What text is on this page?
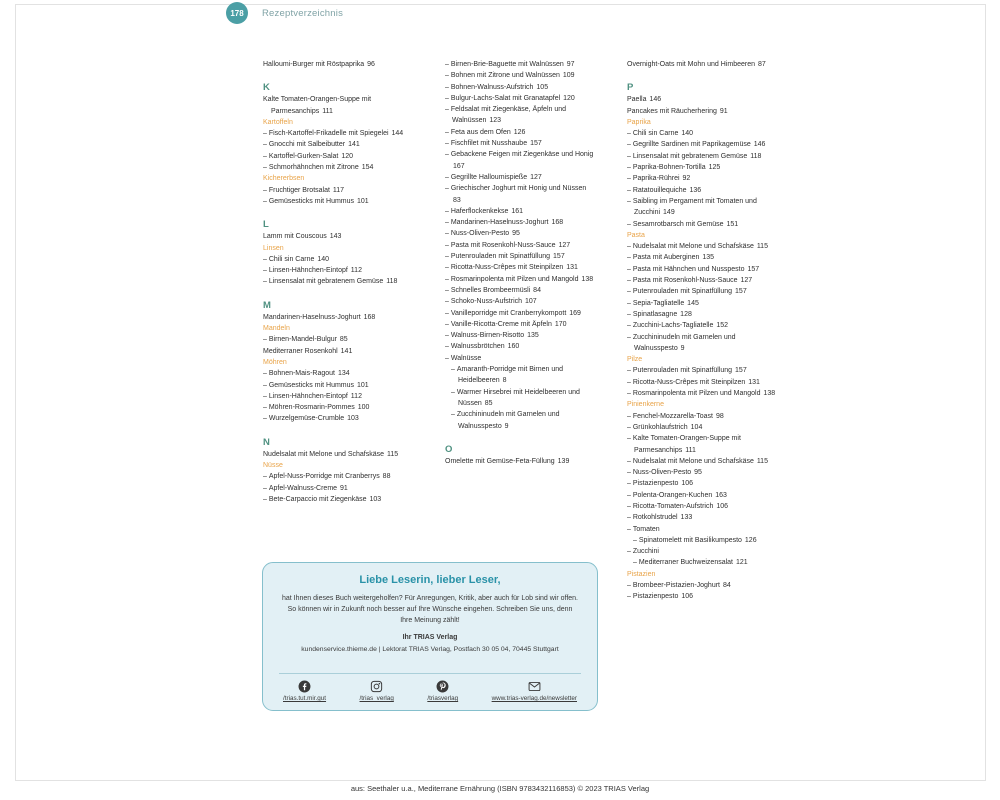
178	Rezeptverzeichnis
Halloumi-Burger mit Röstpaprika 96
K
Kalte Tomaten-Orangen-Suppe mit Parmesanchips 111
Kartoffeln
– Fisch-Kartoffel-Frikadelle mit Spiegelei 144
– Gnocchi mit Salbeibutter 141
– Kartoffel-Gurken-Salat 120
– Schmorhähnchen mit Zitrone 154
Kichererbsen
– Fruchtiger Brotsalat 117
– Gemüsesticks mit Hummus 101
L
Lamm mit Couscous 143
Linsen
– Chili sin Carne 140
– Linsen-Hähnchen-Eintopf 112
– Linsensalat mit gebratenem Gemüse 118
M
Mandarinen-Haselnuss-Joghurt 168
Mandeln
– Birnen-Mandel-Bulgur 85
Mediterraner Rosenkohl 141
Möhren
– Bohnen-Mais-Ragout 134
– Gemüsesticks mit Hummus 101
– Linsen-Hähnchen-Eintopf 112
– Möhren-Rosmarin-Pommes 100
– Wurzelgemüse-Crumble 103
N
Nudelsalat mit Melone und Schafskäse 115
Nüsse
– Apfel-Nuss-Porridge mit Cranberrys 88
– Apfel-Walnuss-Creme 91
– Bete-Carpaccio mit Ziegenkäse 103
– Birnen-Brie-Baguette mit Walnüssen 97
– Bohnen mit Zitrone und Walnüssen 109
– Bohnen-Walnuss-Aufstrich 105
– Bulgur-Lachs-Salat mit Granatapfel 120
– Feldsalat mit Ziegenkäse, Äpfeln und Walnüssen 123
– Feta aus dem Ofen 126
– Fischfilet mit Nusshaube 157
– Gebackene Feigen mit Ziegenkäse und Honig 167
– Gegrillte Halloumispieße 127
– Griechischer Joghurt mit Honig und Nüssen 83
– Haferflockenkekse 161
– Mandarinen-Haselnuss-Joghurt 168
– Nuss-Oliven-Pesto 95
– Pasta mit Rosenkohl-Nuss-Sauce 127
– Putenrouladen mit Spinatfüllung 157
– Ricotta-Nuss-Crêpes mit Steinpilzen 131
– Rosmarinpolenta mit Pilzen und Mangold 138
– Schnelles Brombeermüsli 84
– Schoko-Nuss-Aufstrich 107
– Vanilleporridge mit Cranberrykompott 169
– Vanille-Ricotta-Creme mit Äpfeln 170
– Walnuss-Birnen-Risotto 135
– Walnussbrötchen 160
– Walnüsse
– Amaranth-Porridge mit Birnen und Heidelbeeren 8
– Warmer Hirsebrei mit Heidelbeeren und Nüssen 85
– Zucchininudeln mit Garnelen und Walnusspesto 9
O
Omelette mit Gemüse-Feta-Füllung 139
Overnight-Oats mit Mohn und Himbeeren 87
P
Paella 146
Pancakes mit Räucherhering 91
Paprika
– Chili sin Carne 140
– Gegrillte Sardinen mit Paprikagemüse 146
– Linsensalat mit gebratenem Gemüse 118
– Paprika-Bohnen-Tortilla 125
– Paprika-Rührei 92
– Ratatouillequiche 136
– Saibling im Pergament mit Tomaten und Zucchini 149
– Sesamrotbarsch mit Gemüse 151
Pasta
– Nudelsalat mit Melone und Schafskäse 115
– Pasta mit Auberginen 135
– Pasta mit Hähnchen und Nusspesto 157
– Pasta mit Rosenkohl-Nuss-Sauce 127
– Putenrouladen mit Spinatfüllung 157
– Sepia-Tagliatelle 145
– Spinatlasagne 128
– Zucchini-Lachs-Tagliatelle 152
– Zucchininudeln mit Garnelen und Walnusspesto 9
Pilze
– Putenrouladen mit Spinatfüllung 157
– Ricotta-Nuss-Crêpes mit Steinpilzen 131
– Rosmarinpolenta mit Pilzen und Mangold 138
Pinienkerne
– Fenchel-Mozzarella-Toast 98
– Grünkohlaufstrich 104
– Kalte Tomaten-Orangen-Suppe mit Parmesanchips 111
– Nudelsalat mit Melone und Schafskäse 115
– Nuss-Oliven-Pesto 95
– Pistazienpesto 106
– Polenta-Orangen-Kuchen 163
– Ricotta-Tomaten-Aufstrich 106
– Rotkohlstrudel 133
– Tomaten
– Spinatomelett mit Basilikumpesto 126
– Zucchini
– Mediterraner Buchweizensalat 121
Pistazien
– Brombeer-Pistazien-Joghurt 84
– Pistazienpesto 106
Liebe Leserin, lieber Leser,

hat Ihnen dieses Buch weitergeholfen? Für Anregungen, Kritik, aber auch für Lob sind wir offen. So können wir in Zukunft noch besser auf Ihre Wünsche eingehen. Schreiben Sie uns, denn Ihre Meinung zählt!

Ihr TRIAS Verlag

kundenservice.thieme.de | Lektorat TRIAS Verlag, Postfach 30 05 04, 70445 Stuttgart

/trias.tut.mir.gut	/trias_verlag	/triasverlag	www.trias-verlag.de/newsletter
aus: Seethaler u.a., Mediterrane Ernährung (ISBN 9783432116853) © 2023 TRIAS Verlag
